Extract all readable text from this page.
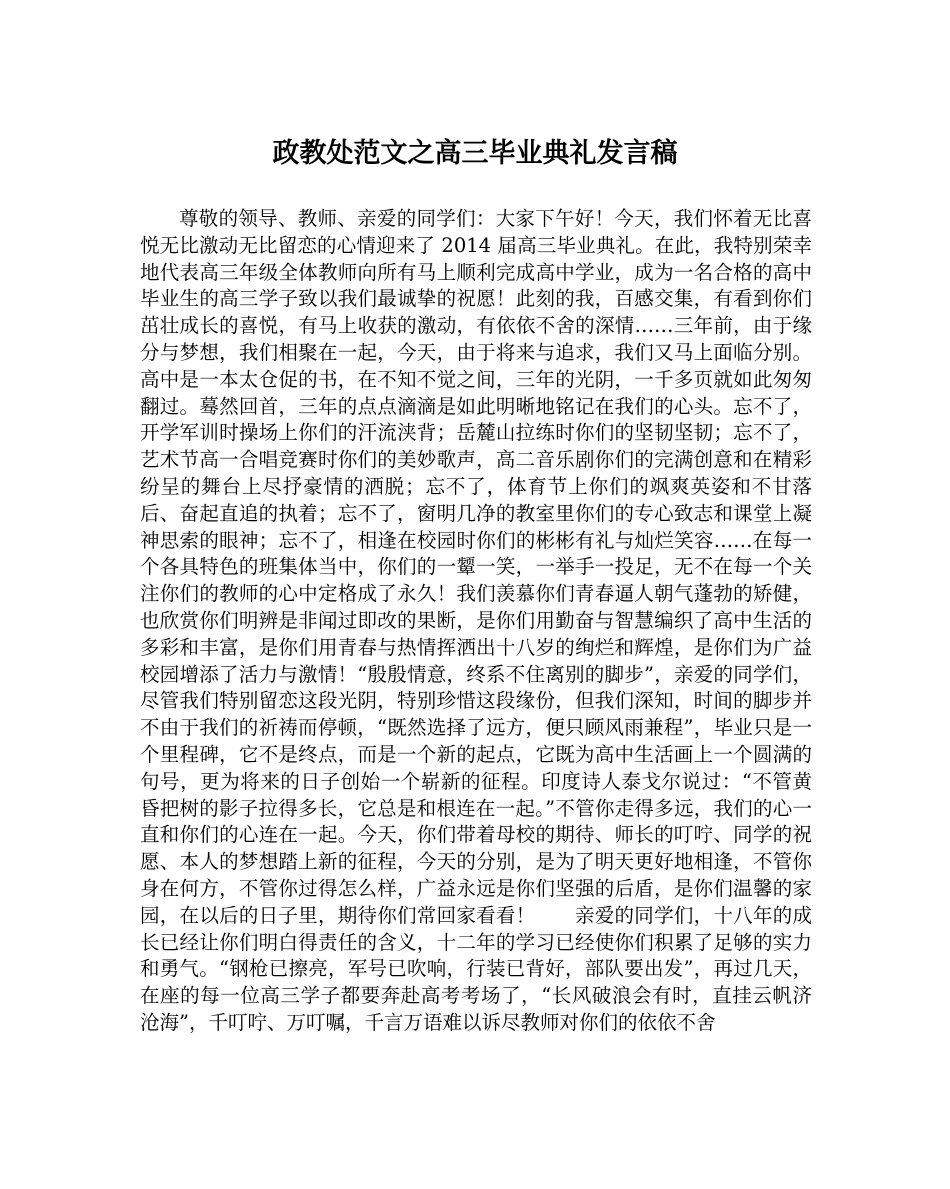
政教处范文之高三毕业典礼发言稿

尊敬的领导、教师、亲爱的同学们：大家下午好！今天，我们怀着无比喜悦无比激动无比留恋的心情迎来了 2014 届高三毕业典礼。在此，我特别荣幸地代表高三年级全体教师向所有马上顺利完成高中学业，成为一名合格的高中毕业生的高三学子致以我们最诚挚的祝愿！此刻的我，百感交集，有看到你们茁壮成长的喜悦，有马上收获的激动，有依依不舍的深情……三年前，由于缘分与梦想，我们相聚在一起，今天，由于将来与追求，我们又马上面临分别。高中是一本太仓促的书，在不知不觉之间，三年的光阴，一千多页就如此匆匆翻过。蓦然回首，三年的点点滴滴是如此明晰地铭记在我们的心头。忘不了，开学军训时操场上你们的汗流浃背；岳麓山拉练时你们的坚韧坚韧；忘不了，艺术节高一合唱竞赛时你们的美妙歌声，高二音乐剧你们的完满创意和在精彩纷呈的舞台上尽抒豪情的洒脱；忘不了，体育节上你们的飒爽英姿和不甘落后、奋起直追的执着；忘不了，窗明几净的教室里你们的专心致志和课堂上凝神思索的眼神；忘不了，相逢在校园时你们的彬彬有礼与灿烂笑容……在每一个各具特色的班集体当中，你们的一颦一笑，一举手一投足，无不在每一个关注你们的教师的心中定格成了永久！我们羡慕你们青春逼人朝气蓬勃的矫健，也欣赏你们明辨是非闻过即改的果断，是你们用勤奋与智慧编织了高中生活的多彩和丰富，是你们用青春与热情挥洒出十八岁的绚烂和辉煌，是你们为广益校园增添了活力与激情！“殷殷情意，终系不住离别的脚步”，亲爱的同学们，尽管我们特别留恋这段光阴，特别珍惜这段缘份，但我们深知，时间的脚步并不由于我们的祈祷而停顿，“既然选择了远方，便只顾风雨兼程”，毕业只是一个里程碑，它不是终点，而是一个新的起点，它既为高中生活画上一个圆满的句号，更为将来的日子创始一个崭新的征程。印度诗人泰戈尔说过：“不管黄昏把树的影子拉得多长，它总是和根连在一起。”不管你走得多远，我们的心一直和你们的心连在一起。今天，你们带着母校的期待、师长的叮咛、同学的祝愿、本人的梦想踏上新的征程，今天的分别，是为了明天更好地相逢，不管你身在何方，不管你过得怎么样，广益永远是你们坚强的后盾，是你们温馨的家园，在以后的日子里，期待你们常回家看看！　　亲爱的同学们，十八年的成长已经让你们明白得责任的含义，十二年的学习已经使你们积累了足够的实力和勇气。“钢枪已擦亮，军号已吹响，行装已背好，部队要出发”，再过几天，在座的每一位高三学子都要奔赴高考考场了，“长风破浪会有时，直挂云帆济沧海”，千叮咛、万叮嘱，千言万语难以诉尽教师对你们的依依不舍
